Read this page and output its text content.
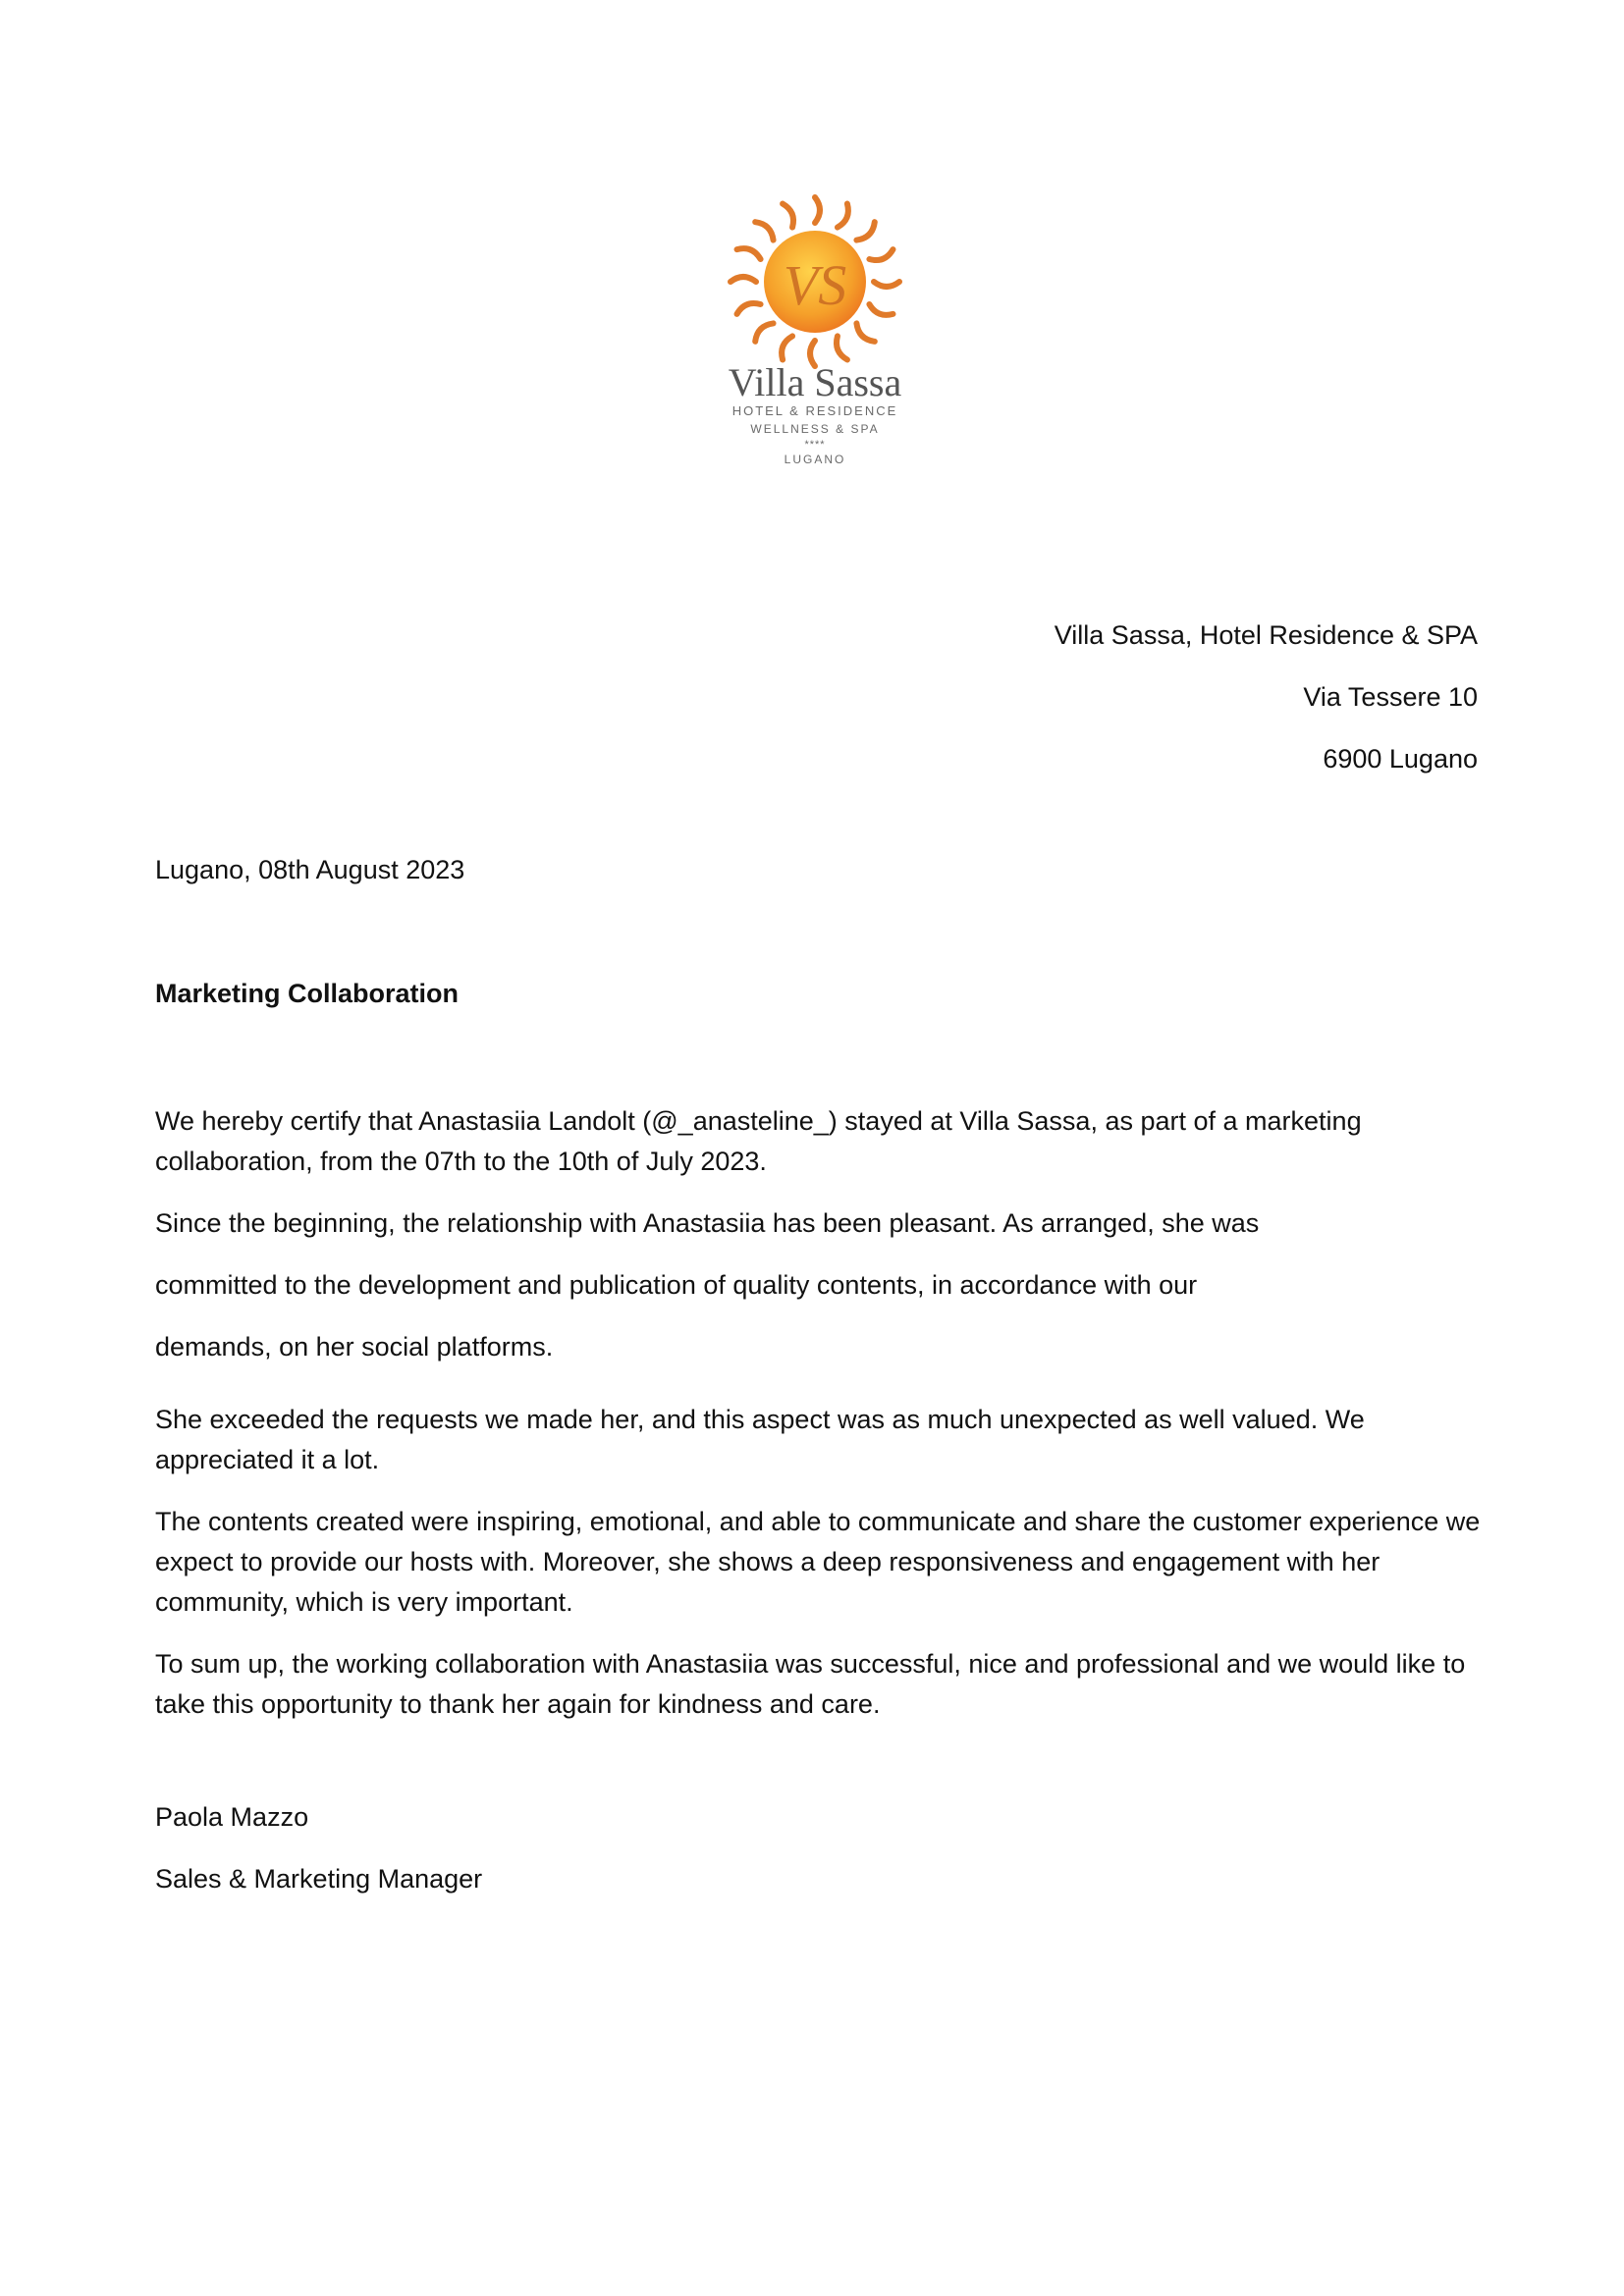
VS
Villa Sassa
HOTEL & RESIDENCE
WELLNESS & SPA
****
LUGANO
Villa Sassa, Hotel Residence & SPA
Via Tessere 10
6900 Lugano
Lugano, 08th August 2023
Marketing Collaboration

We hereby certify that Anastasiia Landolt (@_anasteline_) stayed at Villa Sassa, as part of a marketing collaboration, from the 07th to the 10th of July 2023.

Since the beginning, the relationship with Anastasiia has been pleasant. As arranged, she was
committed to the development and publication of quality contents, in accordance with our
demands, on her social platforms.

She exceeded the requests we made her, and this aspect was as much unexpected as well valued. We appreciated it a lot.

The contents created were inspiring, emotional, and able to communicate and share the customer experience we expect to provide our hosts with. Moreover, she shows a deep responsiveness and engagement with her community, which is very important.

To sum up, the working collaboration with Anastasiia was successful, nice and professional and we would like to take this opportunity to thank her again for kindness and care.

Paola Mazzo
Sales & Marketing Manager
